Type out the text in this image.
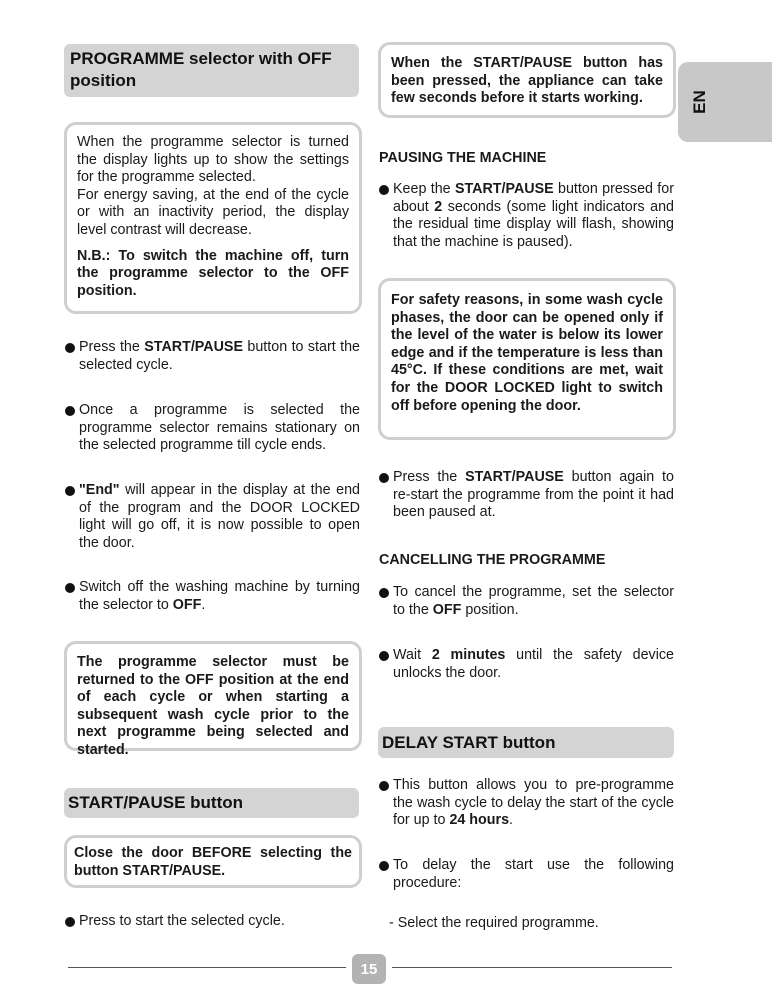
EN
PROGRAMME selector with OFF position
When the programme selector is turned the display lights up to show the settings for the programme selected.
For energy saving, at the end of the cycle or with an inactivity period, the display level contrast will decrease.
N.B.: To switch the machine off, turn the programme selector to the OFF position.
Press the START/PAUSE button to start the selected cycle.
Once a programme is selected the programme selector remains stationary on the selected programme till cycle ends.
"End" will appear in the display at the end of the program and the DOOR LOCKED light will go off, it is now possible to open the door.
Switch off the washing machine by turning the selector to OFF.
The programme selector must be returned to the OFF position at the end of each cycle or when starting a subsequent wash cycle prior to the next programme being selected and started.
START/PAUSE button
Close the door BEFORE selecting the button START/PAUSE.
Press to start the selected cycle.
When the START/PAUSE button has been pressed, the appliance can take few seconds before it starts working.
PAUSING THE MACHINE
Keep the START/PAUSE button pressed for about 2 seconds (some light indicators and the residual time display will flash, showing that the machine is paused).
For safety reasons, in some wash cycle phases, the door can be opened only if the level of the water is below its lower edge and if the temperature is less than 45°C. If these conditions are met, wait for the DOOR LOCKED light to switch off before opening the door.
Press the START/PAUSE button again to re-start the programme from the point it had been paused at.
CANCELLING THE PROGRAMME
To cancel the programme, set the selector to the OFF position.
Wait 2 minutes until the safety device unlocks the door.
DELAY START button
This button allows you to pre-programme the wash cycle to delay the start of the cycle for up to 24 hours.
To delay the start use the following procedure:
- Select the required programme.
15
